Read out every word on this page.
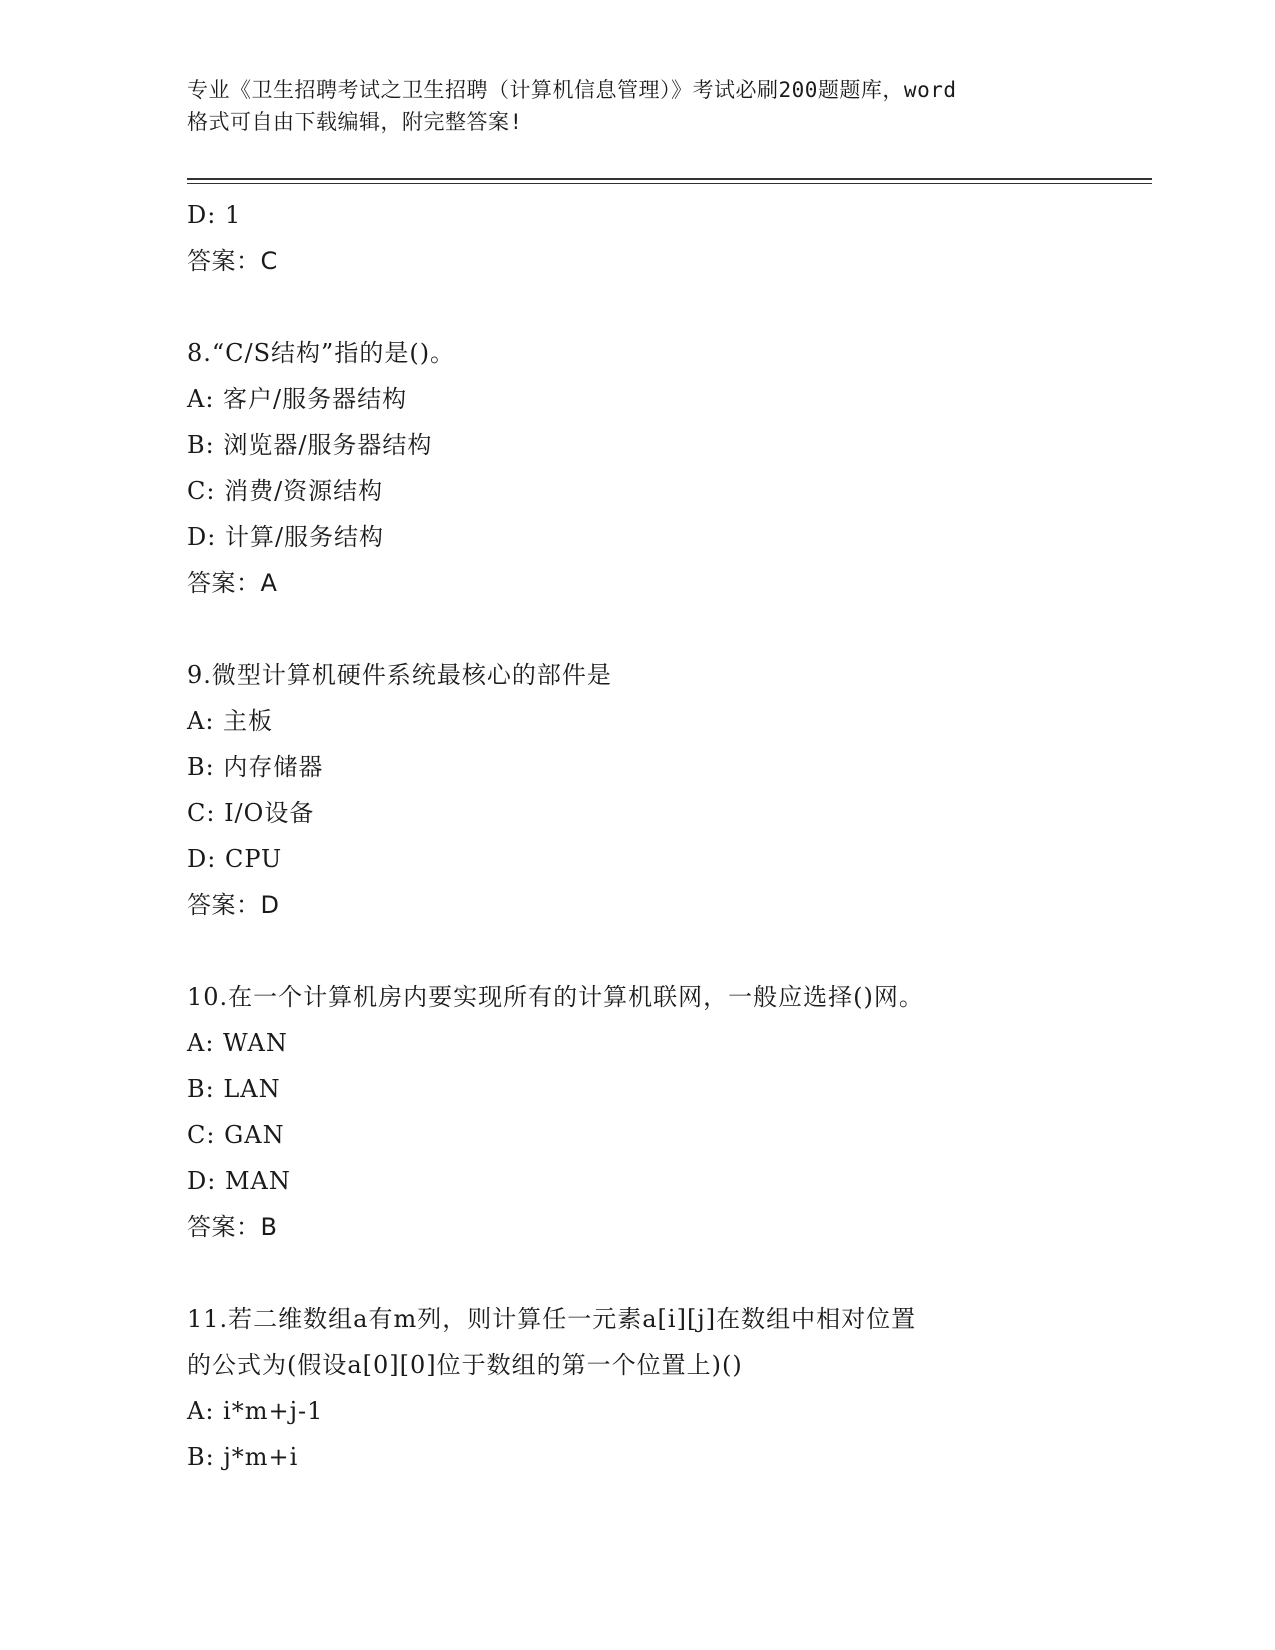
专业《卫生招聘考试之卫生招聘（计算机信息管理）》考试必刷200题题库，word
格式可自由下载编辑，附完整答案!
D: 1
答案：C
8.“C/S结构”指的是()。
A: 客户/服务器结构
B: 浏览器/服务器结构
C: 消费/资源结构
D: 计算/服务结构
答案：A
9.微型计算机硬件系统最核心的部件是
A: 主板
B: 内存储器
C: I/O设备
D: CPU
答案：D
10.在一个计算机房内要实现所有的计算机联网，一般应选择()网。
A: WAN
B: LAN
C: GAN
D: MAN
答案：B
11.若二维数组a有m列，则计算任一元素a[i][j]在数组中相对位置
的公式为(假设a[0][0]位于数组的第一个位置上)()
A: i*m+j-1
B: j*m+i
